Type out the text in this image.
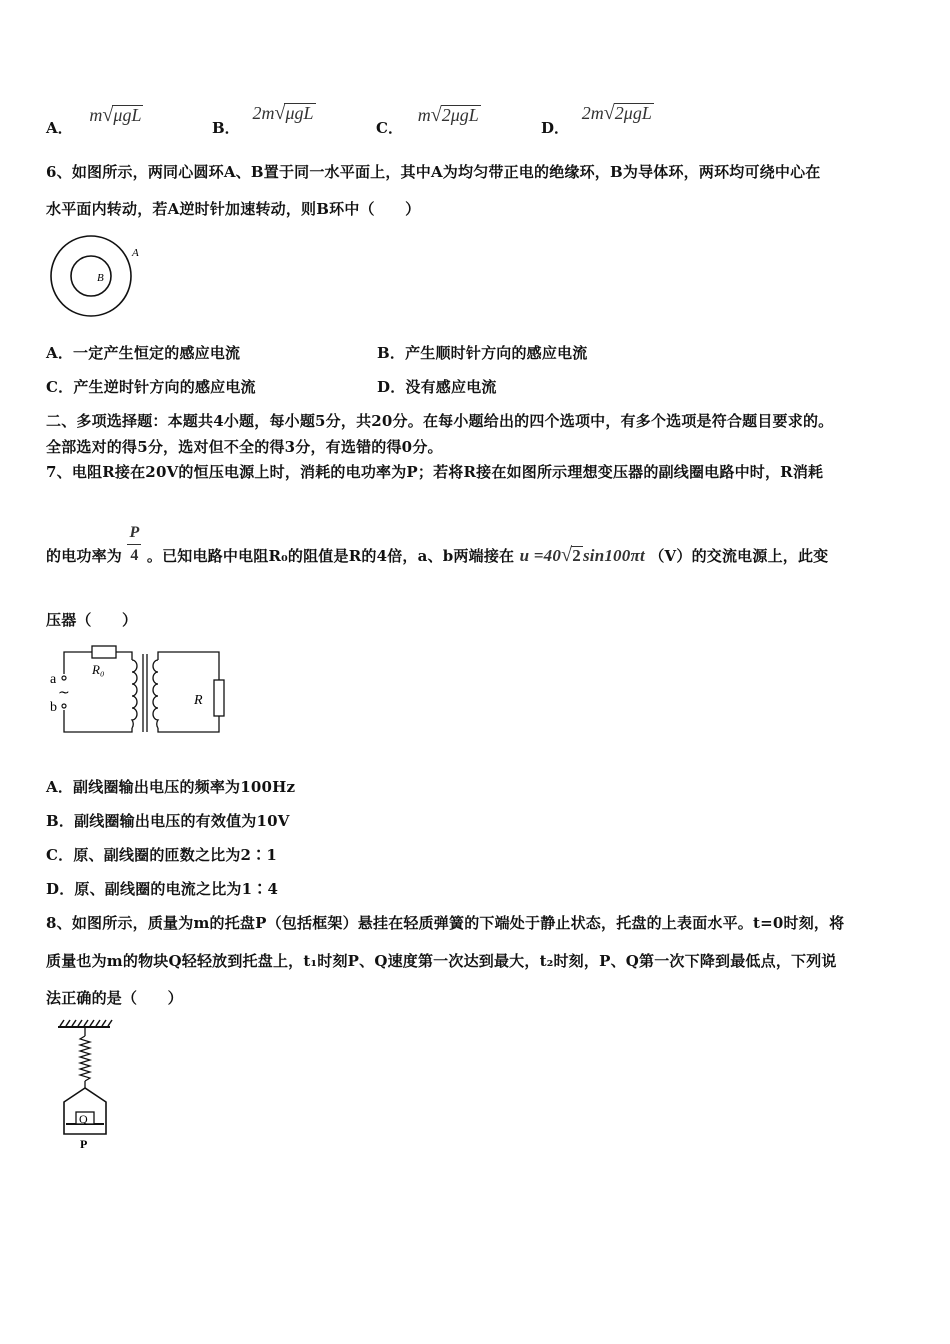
A． m√μgL
B． 2m√μgL
C． m√2μgL
D． 2m√2μgL
6、如图所示，两同心圆环A、B置于同一水平面上，其中A为均匀带正电的绝缘环，B为导体环，两环均可绕中心在
水平面内转动，若A逆时针加速转动，则B环中（　　）
A
B
A．一定产生恒定的感应电流	B．产生顺时针方向的感应电流
C．产生逆时针方向的感应电流	D．没有感应电流
二、多项选择题：本题共4小题，每小题5分，共20分。在每小题给出的四个选项中，有多个选项是符合题目要求的。
全部选对的得5分，选对但不全的得3分，有选错的得0分。
7、电阻R接在20V的恒压电源上时，消耗的电功率为P；若将R接在如图所示理想变压器的副线圈电路中时，R消耗
的电功率为 $\frac{P}{4}$ 。已知电路中电阻R₀的阻值是R的4倍，a、b两端接在 u =40√2 sin100πt （V）的交流电源上，此变
压器（　　）
R₀
a
b
~	R
A．副线圈输出电压的频率为100Hz
B．副线圈输出电压的有效值为10V
C．原、副线圈的匝数之比为2∶1
D．原、副线圈的电流之比为1∶4
8、如图所示，质量为m的托盘P（包括框架）悬挂在轻质弹簧的下端处于静止状态，托盘的上表面水平。t=0时刻，将
质量也为m的物块Q轻轻放到托盘上，t₁时刻P、Q速度第一次达到最大，t₂时刻，P、Q第一次下降到最低点，下列说
法正确的是（　　）
Q
P
